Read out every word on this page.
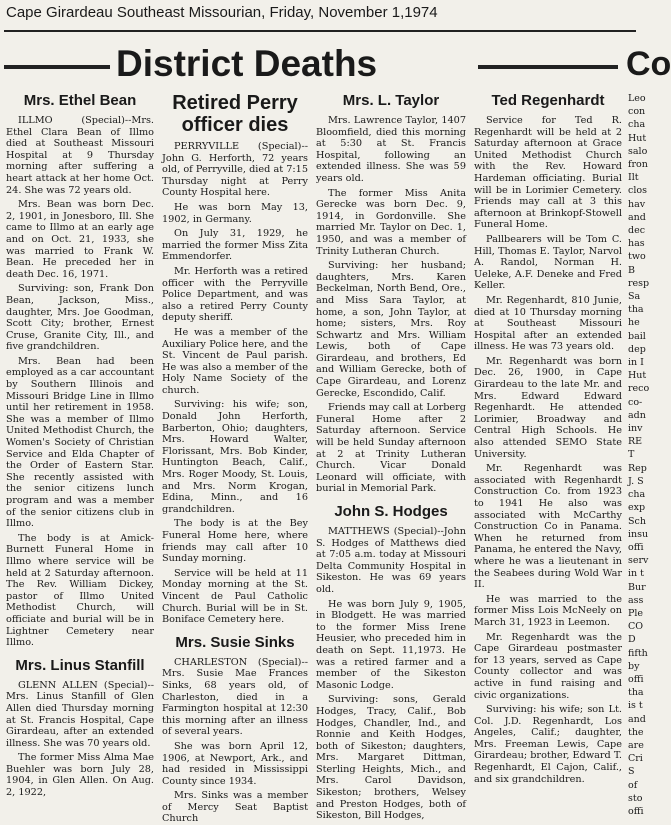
Cape Girardeau Southeast Missourian, Friday, November 1,1974
District Deaths	Co
Mrs. Ethel Bean

ILLMO (Special)--Mrs. Ethel Clara Bean of Illmo died at Southeast Missouri Hospital at 9 Thursday morning after suffering a heart attack at her home Oct. 24. She was 72 years old.

Mrs. Bean was born Dec. 2, 1901, in Jonesboro, Ill. She came to Illmo at an early age and on Oct. 21, 1933, she was married to Frank W. Bean. He preceded her in death Dec. 16, 1971.

Surviving: son, Frank Don Bean, Jackson, Miss., daughter, Mrs. Joe Goodman, Scott City; brother, Ernest Cruse, Granite City, Ill., and five grandchildren.

Mrs. Bean had been employed as a car accountant by Southern Illinois and Missouri Bridge Line in Illmo until her retirement in 1958. She was a member of Illmo United Methodist Church, the Women's Society of Christian Service and Elda Chapter of the Order of Eastern Star. She recently assisted with the senior citizens lunch program and was a member of the senior citizens club in Illmo.

The body is at Amick-Burnett Funeral Home in Illmo where service will be held at 2 Saturday afternoon. The Rev. William Dickey, pastor of Illmo United Methodist Church, will officiate and burial will be in Lightner Cemetery near Illmo.

Mrs. Linus Stanfill

GLENN ALLEN (Special)-- Mrs. Linus Stanfill of Glen Allen died Thursday morning at St. Francis Hospital, Cape Girardeau, after an extended illness. She was 70 years old.

The former Miss Alma Mae Buehler was born July 28, 1904, in Glen Allen. On Aug. 2, 1922,

Retired Perry officer dies

PERRYVILLE (Special)-- John G. Herforth, 72 years old, of Perryville, died at 7:15 Thursday night at Perry County Hospital here.

He was born May 13, 1902, in Germany.

On July 31, 1929, he married the former Miss Zita Emmendorfer.

Mr. Herforth was a retired officer with the Perryville Police Department, and was also a retired Perry County deputy sheriff.

He was a member of the Auxiliary Police here, and the St. Vincent de Paul parish. He was also a member of the Holy Name Society of the church.

Surviving: his wife; son, Donald John Herforth, Barberton, Ohio; daughters, Mrs. Howard Walter, Florissant, Mrs. Bob Kinder, Huntington Beach, Calif., Mrs. Roger Moody, St. Louis, and Mrs. Norm Krogan, Edina, Minn., and 16 grandchildren.

The body is at the Bey Funeral Home here, where friends may call after 10 Sunday morning.

Service will be held at 11 Monday morning at the St. Vincent de Paul Catholic Church. Burial will be in St. Boniface Cemetery here.

Mrs. Susie Sinks

CHARLESTON (Special)-- Mrs. Susie Mae Frances Sinks, 68 years old, of Charleston, died in a Farmington hospital at 12:30 this morning after an illness of several years.

She was born April 12, 1906, at Newport, Ark., and had resided in Mississippi County since 1934.

Mrs. Sinks was a member of Mercy Seat Baptist Church

Mrs. L. Taylor

Mrs. Lawrence Taylor, 1407 Bloomfield, died this morning at 5:30 at St. Francis Hospital, following an extended illness. She was 59 years old.

The former Miss Anita Gerecke was born Dec. 9, 1914, in Gordonville. She married Mr. Taylor on Dec. 1, 1950, and was a member of Trinity Lutheran Church.

Surviving: her husband; daughters, Mrs. Karen Beckelman, North Bend, Ore., and Miss Sara Taylor, at home, a son, John Taylor, at home; sisters, Mrs. Roy Schwartz and Mrs. William Lewis, both of Cape Girardeau, and brothers, Ed and William Gerecke, both of Cape Girardeau, and Lorenz Gerecke, Escondido, Calif.

Friends may call at Lorberg Funeral Home after 2 Saturday afternoon. Service will be held Sunday afternoon at 2 at Trinity Lutheran Church. Vicar Donald Leonard will officiate, with burial in Memorial Park.

John S. Hodges

MATTHEWS (Special)--John S. Hodges of Matthews died at 7:05 a.m. today at Missouri Delta Community Hospital in Sikeston. He was 69 years old.

He was born July 9, 1905, in Blodgett. He was married to the former Miss Irene Heusier, who preceded him in death on Sept. 11,1973. He was a retired farmer and a member of the Sikeston Masonic Lodge.

Surviving: sons, Gerald Hodges, Tracy, Calif., Bob Hodges, Chandler, Ind., and Ronnie and Keith Hodges, both of Sikeston; daughters, Mrs. Margaret Dittman, Sterling Heights, Mich., and Mrs. Carol Davidson, Sikeston; brothers, Welsey and Preston Hodges, both of Sikeston, Bill Hodges,

Ted Regenhardt

Service for Ted R. Regenhardt will be held at 2 Saturday afternoon at Grace United Methodist Church with the Rev. Howard Hardeman officiating. Burial will be in Lorimier Cemetery. Friends may call at 3 this afternoon at Brinkopf-Stowell Funeral Home.

Pallbearers will be Tom C. Hill, Thomas E. Taylor, Narvol A. Randol, Norman H. Ueleke, A.F. Deneke and Fred Keller.

Mr. Regenhardt, 810 Junie, died at 10 Thursday morning at Southeast Missouri Hospital after an extended illness. He was 73 years old.

Mr. Regenhardt was born Dec. 26, 1900, in Cape Girardeau to the late Mr. and Mrs. Edward Edward Regenhardt. He attended Lorimier, Broadway and Central High Schools. He also attended SEMO State University.

Mr. Regenhardt was associated with Regenhardt Construction Co. from 1923 to 1941 He also was associated with McCarthy Construction Co in Panama. When he returned from Panama, he entered the Navy, where he was a lieutenant in the Seabees during Wold War II.

He was married to the former Miss Lois McNeely on March 31, 1923 in Leemon.

Mr. Regenhardt was the Cape Girardeau postmaster for 13 years, served as Cape County collector and was active in fund raising and civic organizations.

Surviving: his wife; son Lt. Col. J.D. Regenhardt, Los Angeles, Calif.; daughter, Mrs. Freeman Lewis, Cape Girardeau; brother, Edward T. Regenhardt, El Cajon, Calif., and six grandchildren.

Leo
con
cha
Hut
salo
fron
Ilt
clos
hav
and
dec
has
two
B
resp
Sa
tha
he
bail
dep
in I
Hut
reco
co-
adn
inv
RE
T
Rep
J. S
cha
exp
Sch
insu
offi
serv
in t
Bur
ass
Ple
CO
D
fifth
by
offi
tha
is t
and
the
are
Cri
S
of
sto
offi
